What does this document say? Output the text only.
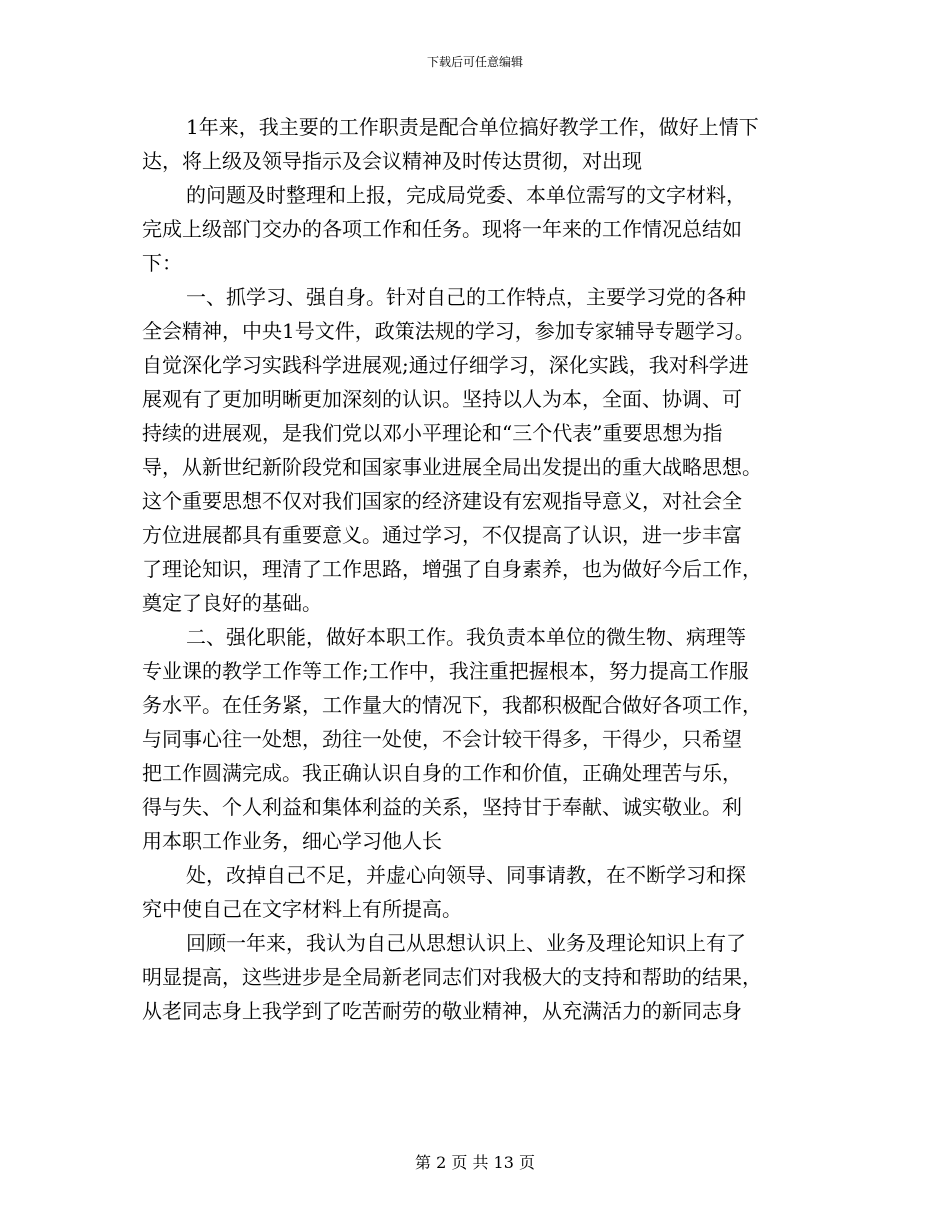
下载后可任意编辑
1年来，我主要的工作职责是配合单位搞好教学工作，做好上情下
达，将上级及领导指示及会议精神及时传达贯彻，对出现
的问题及时整理和上报，完成局党委、本单位需写的文字材料，
完成上级部门交办的各项工作和任务。现将一年来的工作情况总结如
下：
一、抓学习、强自身。针对自己的工作特点，主要学习党的各种
全会精神，中央1号文件，政策法规的学习，参加专家辅导专题学习。
自觉深化学习实践科学进展观;通过仔细学习，深化实践，我对科学进
展观有了更加明晰更加深刻的认识。坚持以人为本，全面、协调、可
持续的进展观，是我们党以邓小平理论和“三个代表”重要思想为指
导，从新世纪新阶段党和国家事业进展全局出发提出的重大战略思想。
这个重要思想不仅对我们国家的经济建设有宏观指导意义，对社会全
方位进展都具有重要意义。通过学习，不仅提高了认识，进一步丰富
了理论知识，理清了工作思路，增强了自身素养，也为做好今后工作，
奠定了良好的基础。
二、强化职能，做好本职工作。我负责本单位的微生物、病理等
专业课的教学工作等工作;工作中，我注重把握根本，努力提高工作服
务水平。在任务紧，工作量大的情况下，我都积极配合做好各项工作，
与同事心往一处想，劲往一处使，不会计较干得多，干得少，只希望
把工作圆满完成。我正确认识自身的工作和价值，正确处理苦与乐，
得与失、个人利益和集体利益的关系，坚持甘于奉献、诚实敬业。利
用本职工作业务，细心学习他人长
处，改掉自己不足，并虚心向领导、同事请教，在不断学习和探
究中使自己在文字材料上有所提高。
回顾一年来，我认为自己从思想认识上、业务及理论知识上有了
明显提高，这些进步是全局新老同志们对我极大的支持和帮助的结果，
从老同志身上我学到了吃苦耐劳的敬业精神，从充满活力的新同志身
第 2 页 共 13 页
